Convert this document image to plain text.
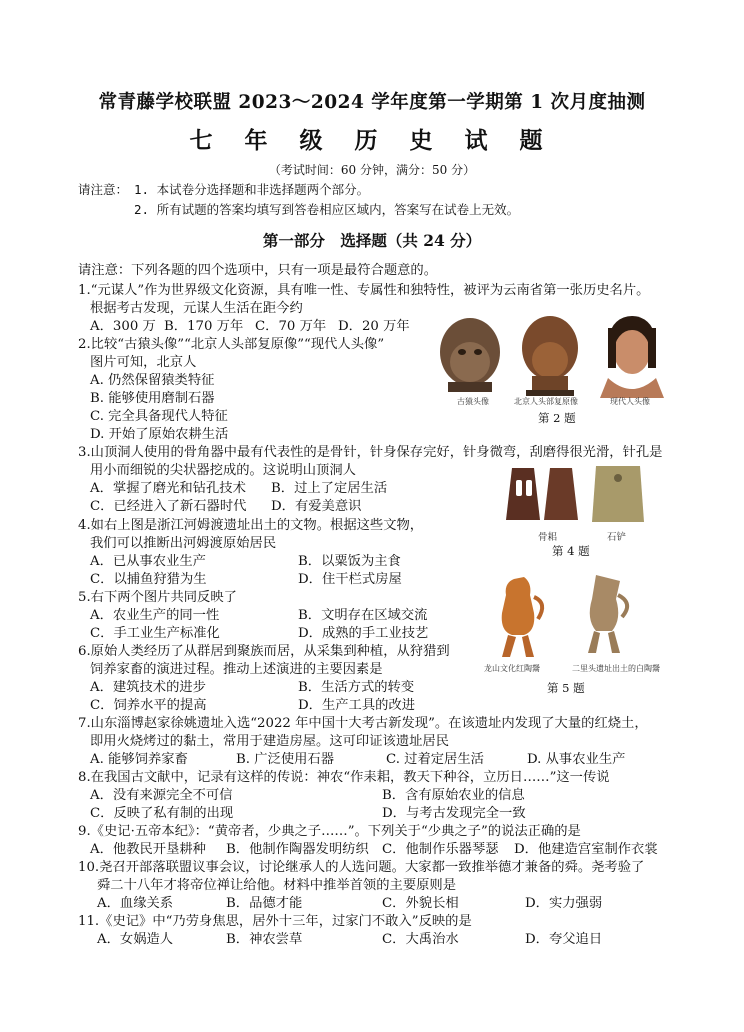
常青藤学校联盟 2023～2024 学年度第一学期第 1 次月度抽测
七 年 级 历 史 试 题
（考试时间：60 分钟，满分：50 分）
请注意： 1. 本试卷分选择题和非选择题两个部分。
2. 所有试题的答案均填写到答卷相应区域内，答案写在试卷上无效。
第一部分　选择题（共 24 分）
请注意：下列各题的四个选项中，只有一项是最符合题意的。
1.“元谋人”作为世界级文化资源，具有唯一性、专属性和独特性，被评为云南省第一张历史名片。
根据考古发现，元谋人生活在距今约
A．300 万 B．170 万年 C．70 万年 D．20 万年
2.比较“古猿头像”“北京人头部复原像”“现代人头像”
图片可知，北京人
A. 仍然保留猿类特征
B. 能够使用磨制石器
C. 完全具备现代人特征
D. 开始了原始农耕生活
古猿头像	北京人头部复原像	现代人头像
第 2 题
3.山顶洞人使用的骨角器中最有代表性的是骨针，针身保存完好，针身微弯，刮磨得很光滑，针孔是
用小而细锐的尖状器挖成的。这说明山顶洞人
A．掌握了磨光和钻孔技术 B．过上了定居生活
C．已经进入了新石器时代 D．有爱美意识
骨耜	石铲
第 4 题
4.如右上图是浙江河姆渡遗址出土的文物。根据这些文物，
我们可以推断出河姆渡原始居民
A．已从事农业生产	B．以粟饭为主食
C．以捕鱼狩猎为生	D．住干栏式房屋
5.右下两个图片共同反映了
A．农业生产的同一性	B．文明存在区域交流
C．手工业生产标准化	D．成熟的手工业技艺
龙山文化红陶鬶	二里头遗址出土的白陶鬶
第 5 题
6.原始人类经历了从群居到聚族而居，从采集到种植，从狩猎到
饲养家畜的演进过程。推动上述演进的主要因素是
A．建筑技术的进步	B．生活方式的转变
C．饲养水平的提高	D．生产工具的改进
7.山东淄博赵家徐姚遗址入选“2022 年中国十大考古新发现”。在该遗址内发现了大量的红烧土，
即用火烧烤过的黏土，常用于建造房屋。这可印证该遗址居民
A. 能够饲养家畜	B. 广泛使用石器	C. 过着定居生活	D. 从事农业生产
8.在我国古文献中，记录有这样的传说：神农“作耒耜，教天下种谷，立历日……”这一传说
A．没有来源完全不可信	B．含有原始农业的信息
C．反映了私有制的出现	D．与考古发现完全一致
9.《史记·五帝本纪》：“黄帝者，少典之子……”。下列关于“少典之子”的说法正确的是
A．他教民开垦耕种 B．他制作陶器发明纺织 C．他制作乐器琴瑟 D．他建造宫室制作衣裳
10.尧召开部落联盟议事会议，讨论继承人的人选问题。大家都一致推举德才兼备的舜。尧考验了
舜二十八年才将帝位禅让给他。材料中推举首领的主要原则是
A．血缘关系	B．品德才能	C．外貌长相	D．实力强弱
11.《史记》中“乃劳身焦思，居外十三年，过家门不敢入”反映的是
A．女娲造人	B．神农尝草	C．大禹治水	D．夸父追日
